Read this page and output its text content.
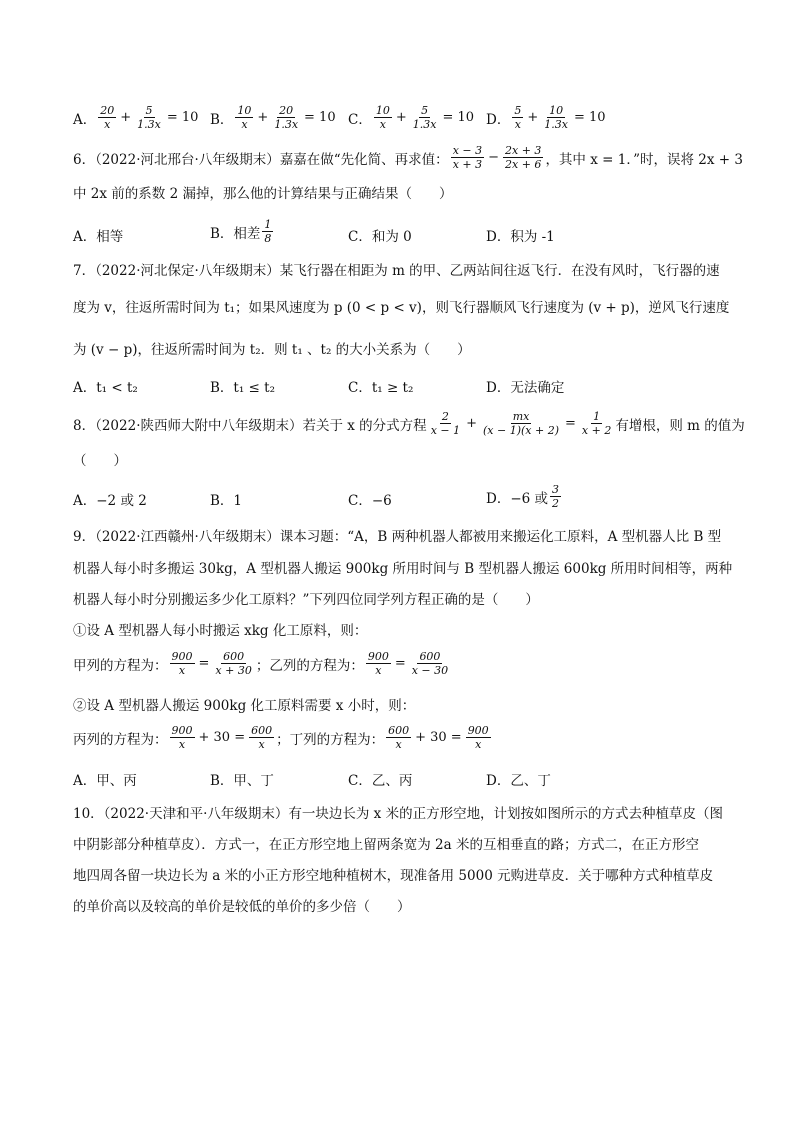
A． $\frac{20}{x} + \frac{5}{1.3x} = 10$ B． $\frac{10}{x} + \frac{20}{1.3x} = 10$ C． $\frac{10}{x} + \frac{5}{1.3x} = 10$ D． $\frac{5}{x} + \frac{10}{1.3x} = 10$
6．（2022·河北邢台·八年级期末）嘉嘉在做“先化简、再求值： $\frac{x - 3}{x + 3} - \frac{2x + 3}{2x + 6}$ ，其中 x = 1．”时，误将 2x + 3
中 2x 前的系数 2 漏掉，那么他的计算结果与正确结果（　　）
A．相等	B．相差 $\frac{1}{8}$	C．和为 0	D．积为 -1
7．（2022·河北保定·八年级期末）某飞行器在相距为 m 的甲、乙两站间往返飞行．在没有风时，飞行器的速
度为 v，往返所需时间为 t₁；如果风速度为 p (0 < p < v)，则飞行器顺风飞行速度为 (v + p)，逆风飞行速度
为 (v − p)，往返所需时间为 t₂．则 t₁ 、t₂ 的大小关系为（　　）
A．t₁ < t₂	B．t₁ ≤ t₂	C．t₁ ≥ t₂	D．无法确定
8．（2022·陕西师大附中八年级期末）若关于 x 的分式方程 $\frac{2}{x - 1} + \frac{mx}{(x - 1)(x + 2)} = \frac{1}{x + 2}$ 有增根，则 m 的值为
（　　）
A．−2 或 2	B．1	C．−6	D．−6 或 $\frac{3}{2}$
9．（2022·江西赣州·八年级期末）课本习题：“A，B 两种机器人都被用来搬运化工原料，A 型机器人比 B 型
机器人每小时多搬运 30kg，A 型机器人搬运 900kg 所用时间与 B 型机器人搬运 600kg 所用时间相等，两种
机器人每小时分别搬运多少化工原料？”下列四位同学列方程正确的是（　　）
①设 A 型机器人每小时搬运 xkg 化工原料，则：
甲列的方程为： $\frac{900}{x} = \frac{600}{x + 30}$ ；乙列的方程为： $\frac{900}{x} = \frac{600}{x - 30}$
②设 A 型机器人搬运 900kg 化工原料需要 x 小时，则：
丙列的方程为： $\frac{900}{x} + 30 = \frac{600}{x}$ ；丁列的方程为： $\frac{600}{x} + 30 = \frac{900}{x}$
A．甲、丙	B．甲、丁	C．乙、丙	D．乙、丁
10．（2022·天津和平·八年级期末）有一块边长为 x 米的正方形空地，计划按如图所示的方式去种植草皮（图
中阴影部分种植草皮）．方式一，在正方形空地上留两条宽为 2a 米的互相垂直的路；方式二，在正方形空
地四周各留一块边长为 a 米的小正方形空地种植树木，现准备用 5000 元购进草皮．关于哪种方式种植草皮
的单价高以及较高的单价是较低的单价的多少倍（　　）
